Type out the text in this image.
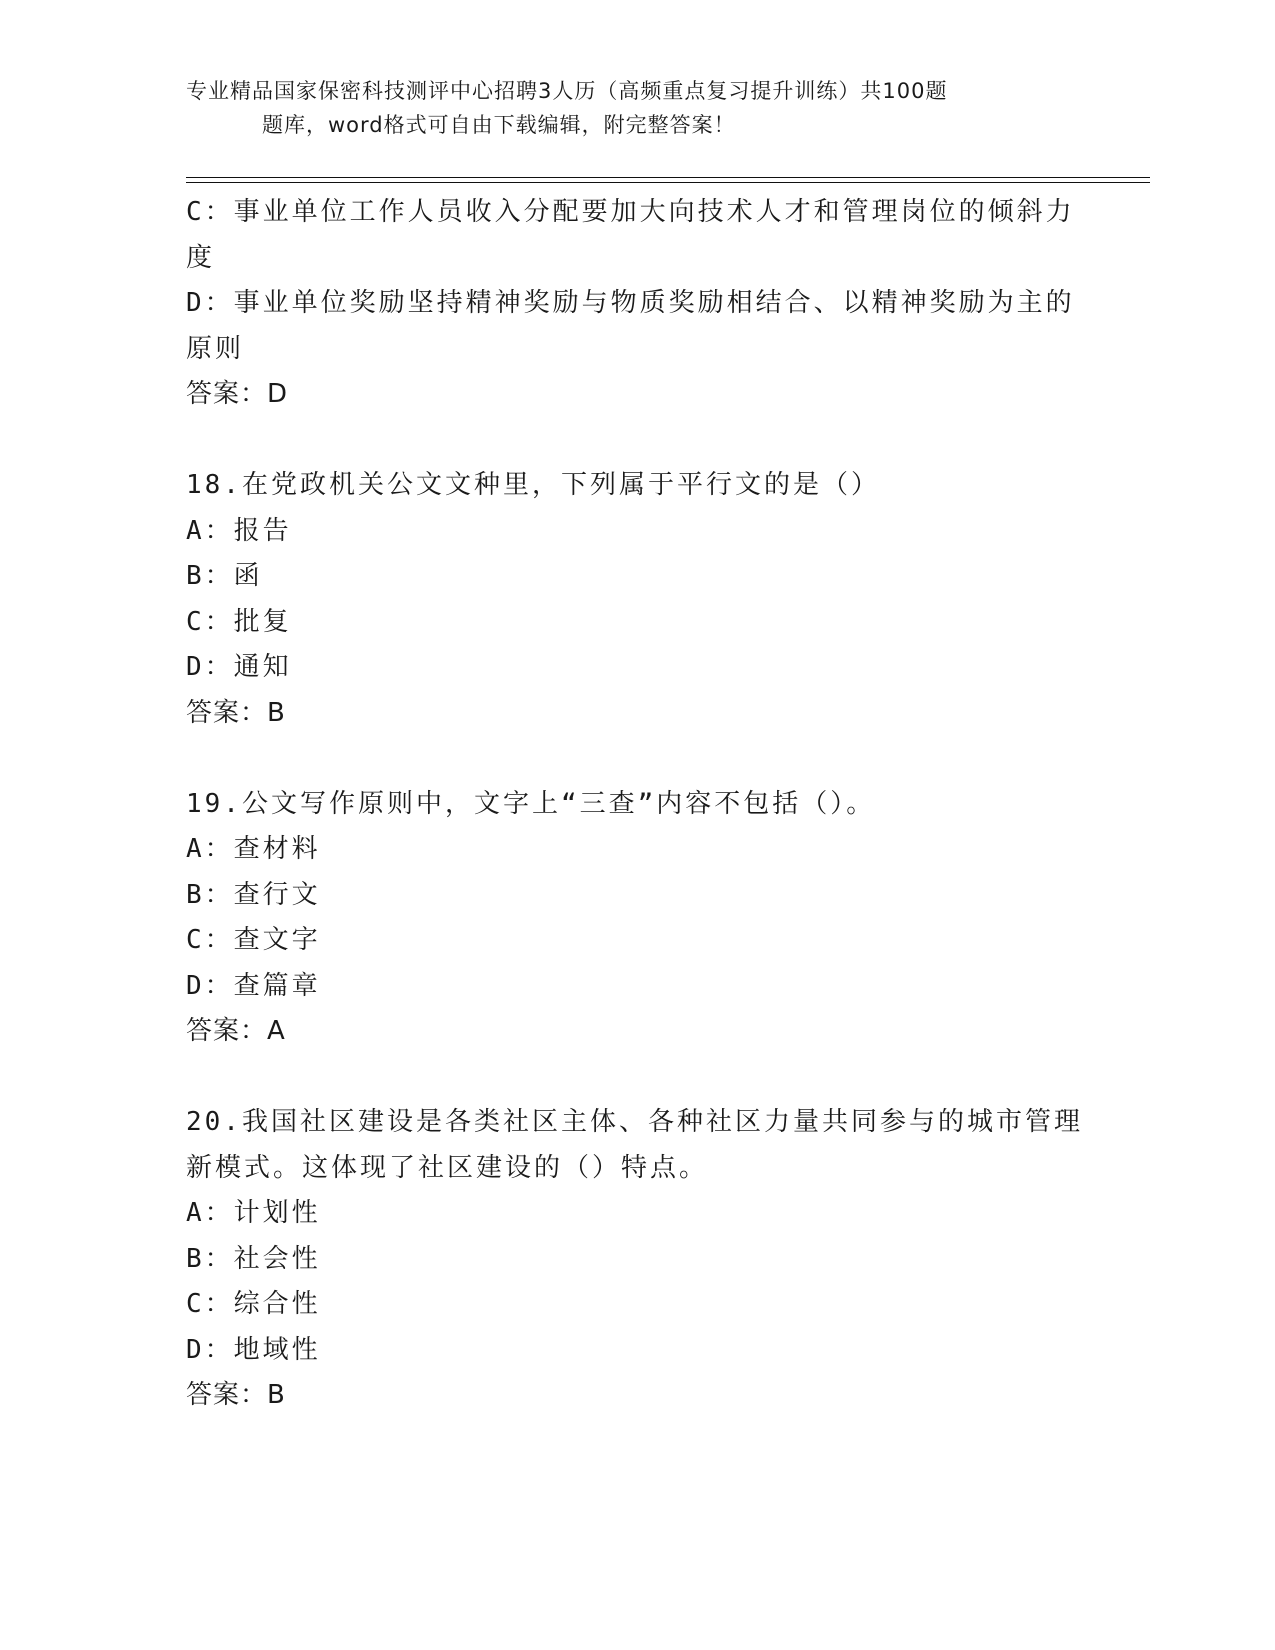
专业精品国家保密科技测评中心招聘3人历（高频重点复习提升训练）共100题
题库，word格式可自由下载编辑，附完整答案！
C：事业单位工作人员收入分配要加大向技术人才和管理岗位的倾斜力
度
D：事业单位奖励坚持精神奖励与物质奖励相结合、以精神奖励为主的
原则
答案：D
18.在党政机关公文文种里，下列属于平行文的是（）
A：报告
B：函
C：批复
D：通知
答案：B
19.公文写作原则中，文字上“三查”内容不包括（）。
A：查材料
B：查行文
C：查文字
D：查篇章
答案：A
20.我国社区建设是各类社区主体、各种社区力量共同参与的城市管理
新模式。这体现了社区建设的（）特点。
A：计划性
B：社会性
C：综合性
D：地域性
答案：B
